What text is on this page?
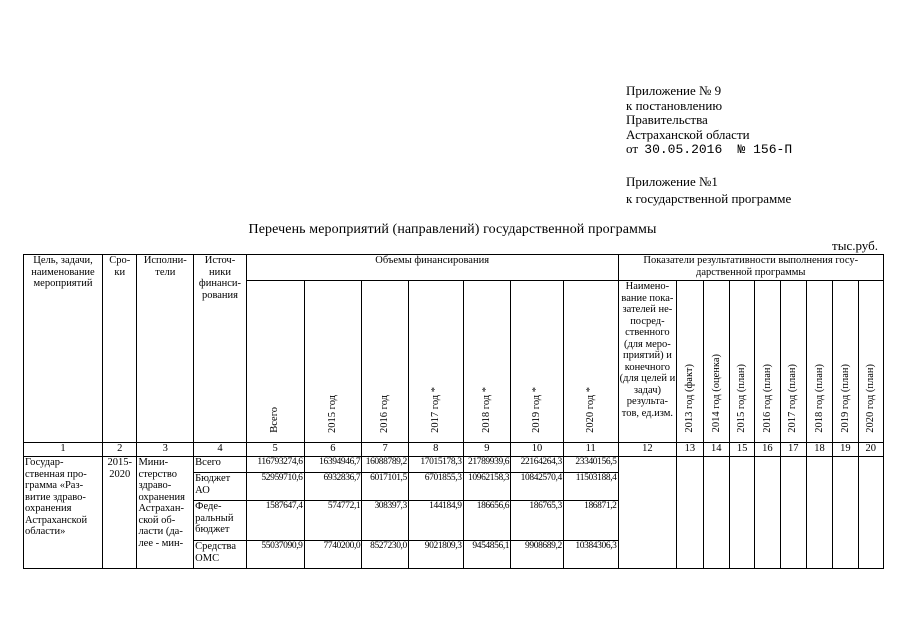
Приложение № 9
к постановлению
Правительства
Астраханской области
от 30.05.2016 № 156-П
Приложение №1
к государственной программе
Перечень мероприятий (направлений) государственной программы
тыс.руб.
Цель, задачи, наименование мероприятий	Сро-ки	Исполни-тели	Источ-ники финанси-рования	Объемы финансирования							Показатели результативности выполнения госу-дарственной программы								
				Всего	2015 год	2016 год	2017 год *	2018 год *	2019 год *	2020 год *	Наимено-вание пока-зателей не-посред-ственного (для меро-приятий) и конечного (для целей и задач) результа-тов, ед.изм.	2013 год (факт)	2014 год (оценка)	2015 год (план)	2016 год (план)	2017 год (план)	2018 год (план)	2019 год (план)	2020 год (план)
1	2	3	4	5	6	7	8	9	10	11	12	13	14	15	16	17	18	19	20
Государ-ственная про-грамма «Раз-витие здраво-охранения Астраханской области»	2015-2020	Мини-стерство здраво-охранения Астрахан-ской об-ласти (да-лее - мин-	Всего	116793274,6	16394946,7	16088789,2	17015178,3	21789939,6	22164264,3	23340156,5									
			Бюджет АО	52959710,6	6932836,7	6017101,5	6701855,3	10962158,3	10842570,4	11503188,4									
			Феде-ральный бюджет	1587647,4	574772,1	308397,3	144184,9	186656,6	186765,3	186871,2									
			Средства ОМС	55037090,9	7740200,0	8527230,0	9021809,3	9454856,1	9908689,2	10384306,3									
